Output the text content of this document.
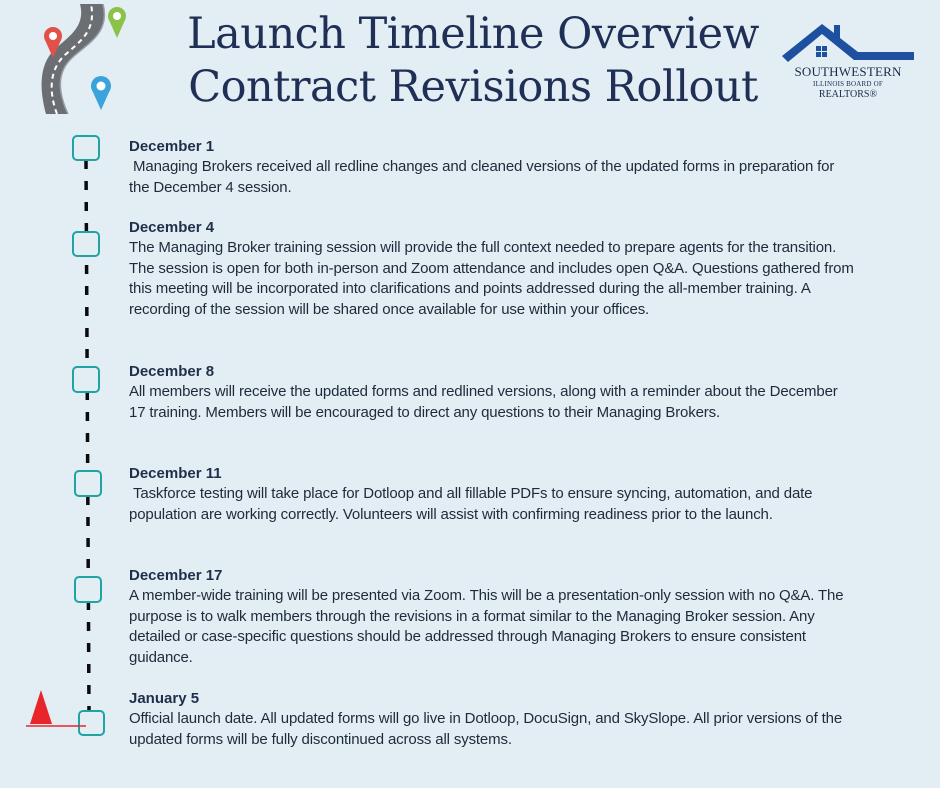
Launch Timeline Overview
Contract Revisions Rollout	SOUTHWESTERN
ILLINOIS BOARD OF
REALTORS®
December 1
Managing Brokers received all redline changes and cleaned versions of the updated forms in preparation for the December 4 session.
December 4
The Managing Broker training session will provide the full context needed to prepare agents for the transition. The session is open for both in-person and Zoom attendance and includes open Q&A. Questions gathered from this meeting will be incorporated into clarifications and points addressed during the all-member training. A recording of the session will be shared once available for use within your offices.
December 8
All members will receive the updated forms and redlined versions, along with a reminder about the December 17 training. Members will be encouraged to direct any questions to their Managing Brokers.
December 11
Taskforce testing will take place for Dotloop and all fillable PDFs to ensure syncing, automation, and date population are working correctly. Volunteers will assist with confirming readiness prior to the launch.
December 17
A member-wide training will be presented via Zoom. This will be a presentation-only session with no Q&A. The purpose is to walk members through the revisions in a format similar to the Managing Broker session. Any detailed or case-specific questions should be addressed through Managing Brokers to ensure consistent guidance.
January 5
Official launch date. All updated forms will go live in Dotloop, DocuSign, and SkySlope. All prior versions of the updated forms will be fully discontinued across all systems.
